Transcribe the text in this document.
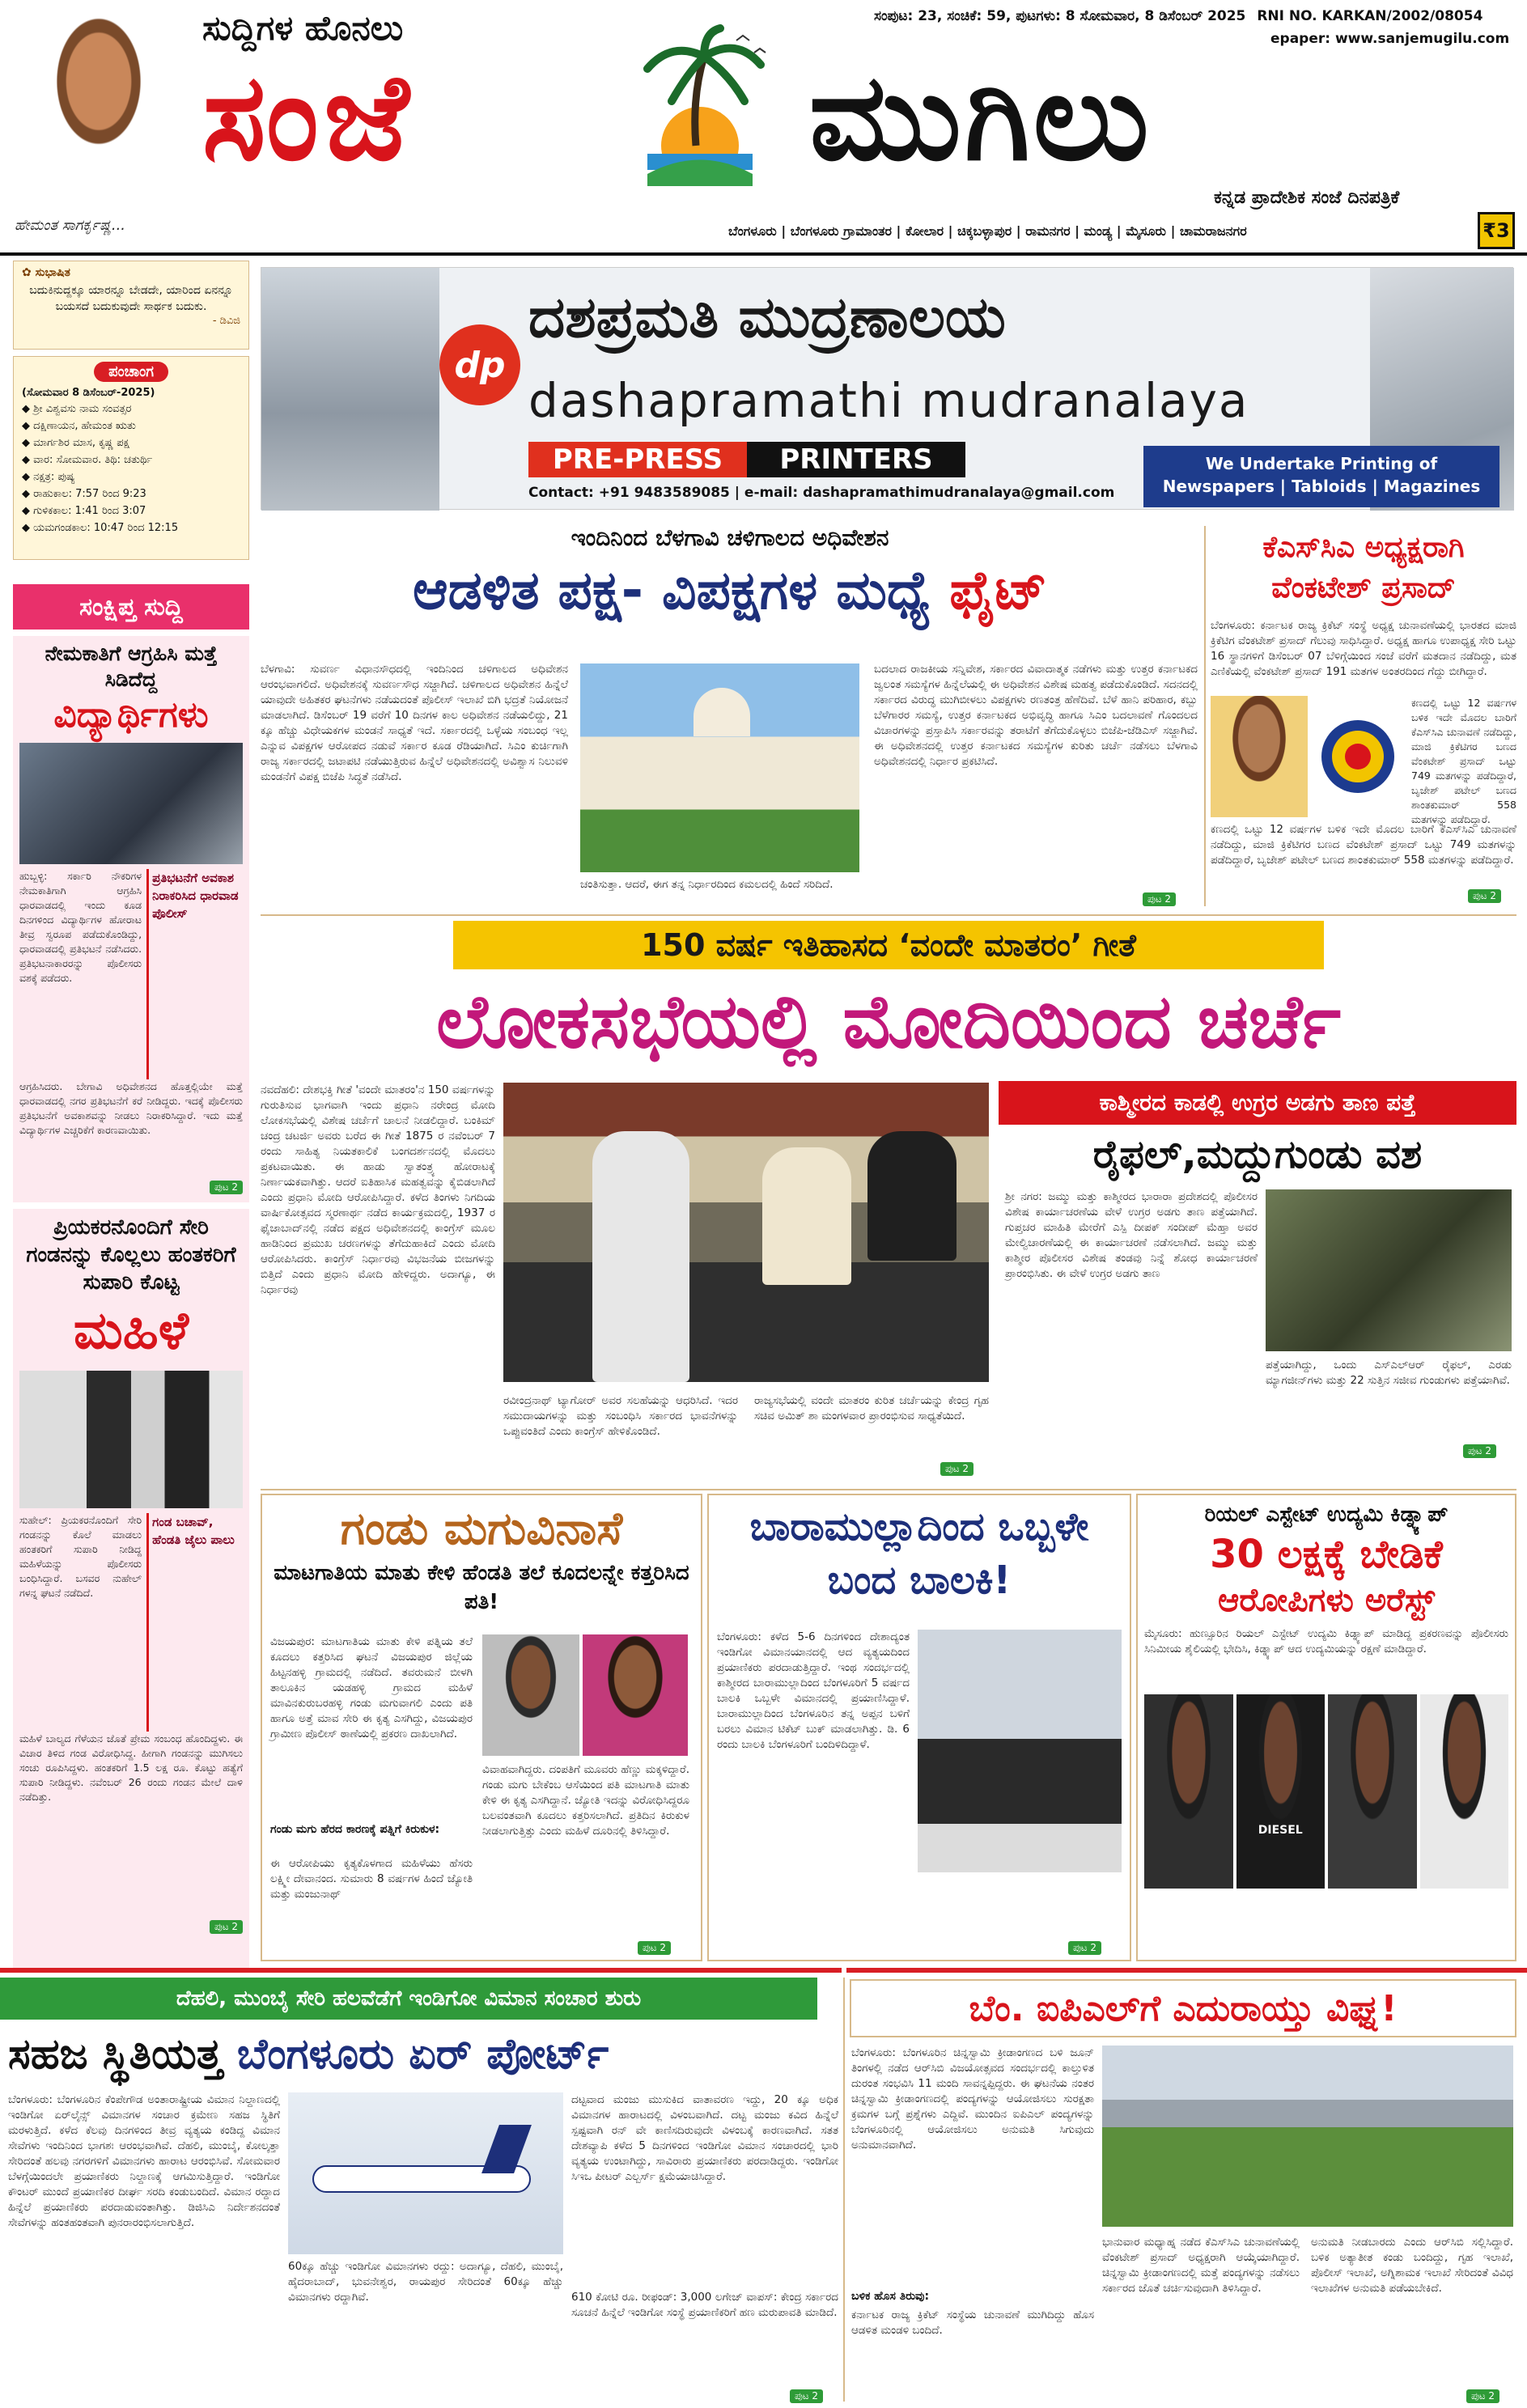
ಹೇಮಂತ ಸಾಗರ್ಕೃಷ್ಣ...
ಸುದ್ದಿಗಳ ಹೊನಲು
ಸಂಜೆ	ಮುಗಿಲು
ಸಂಪುಟ: 23, ಸಂಚಿಕೆ: 59, ಪುಟಗಳು: 8 ಸೋಮವಾರ, 8 ಡಿಸೆಂಬರ್ 2025 RNI NO. KARKAN/2002/08054
epaper: www.sanjemugilu.com
ಕನ್ನಡ ಪ್ರಾದೇಶಿಕ ಸಂಜೆ ದಿನಪತ್ರಿಕೆ
ಬೆಂಗಳೂರು | ಬೆಂಗಳೂರು ಗ್ರಾಮಾಂತರ | ಕೋಲಾರ | ಚಿಕ್ಕಬಳ್ಳಾಪುರ | ರಾಮನಗರ | ಮಂಡ್ಯ | ಮೈಸೂರು | ಚಾಮರಾಜನಗರ	₹3
✿ ಸುಭಾಷಿತ
ಬದುಕಿನುದ್ದಕ್ಕೂ ಯಾರನ್ನೂ ಬೇಡದೇ, ಯಾರಿಂದ ಏನನ್ನೂ ಬಯಸದೆ ಬದುಕುವುದೇ ಸಾರ್ಥಕ ಬದುಕು.
- ಡಿವಿಜಿ
ಪಂಚಾಂಗ
(ಸೋಮವಾರ 8 ಡಿಸೆಂಬರ್-2025)
◆ ಶ್ರೀ ವಿಶ್ವವಸು ನಾಮ ಸಂವತ್ಸರ
◆ ದಕ್ಷಿಣಾಯನ, ಹೇಮಂತ ಋತು
◆ ಮಾರ್ಗಶಿರ ಮಾಸ, ಕೃಷ್ಣ ಪಕ್ಷ
◆ ವಾರ: ಸೋಮವಾರ. ತಿಥಿ: ಚತುರ್ಥಿ
◆ ನಕ್ಷತ್ರ: ಪುಷ್ಯ
◆ ರಾಹುಕಾಲ: 7:57 ರಿಂದ 9:23
◆ ಗುಳಿಕಕಾಲ: 1:41 ರಿಂದ 3:07
◆ ಯಮಗಂಡಕಾಲ: 10:47 ರಿಂದ 12:15
ಸಂಕ್ಷಿಪ್ತ ಸುದ್ದಿ
ನೇಮಕಾತಿಗೆ ಆಗ್ರಹಿಸಿ ಮತ್ತೆ ಸಿಡಿದೆದ್ದ
ವಿದ್ಯಾರ್ಥಿಗಳು
ಹುಬ್ಬಳ್ಳಿ: ಸರ್ಕಾರಿ ನೌಕರಿಗಳ ನೇಮಕಾತಿಗಾಗಿ ಆಗ್ರಹಿಸಿ ಧಾರವಾಡದಲ್ಲಿ ಇಂದು ಕೂಡ ದಿನಗಳಿಂದ ವಿದ್ಯಾರ್ಥಿಗಳ ಹೋರಾಟ ತೀವ್ರ ಸ್ವರೂಪ ಪಡೆದುಕೊಂಡಿದ್ದು, ಧಾರವಾಡದಲ್ಲಿ ಪ್ರತಿಭಟನೆ ನಡೆಸಿದರು. ಪ್ರತಿಭಟನಾಕಾರರನ್ನು ಪೊಲೀಸರು ವಶಕ್ಕೆ ಪಡೆದರು.
ಪ್ರತಿಭಟನೆಗೆ ಅವಕಾಶ ನಿರಾಕರಿಸಿದ ಧಾರವಾಡ ಪೊಲೀಸ್
ಆಗ್ರಹಿಸಿದರು. ಬೇಗಾವಿ ಅಧಿವೇಶನದ ಹೊತ್ತಲ್ಲಿಯೇ ಮತ್ತೆ ಧಾರವಾಡದಲ್ಲಿ ನಗರ ಪ್ರತಿಭಟನೆಗೆ ಕರೆ ನೀಡಿದ್ದರು. ಇದಕ್ಕೆ ಪೊಲೀಸರು ಪ್ರತಿಭಟನೆಗೆ ಅವಕಾಶವನ್ನು ನೀಡಲು ನಿರಾಕರಿಸಿದ್ದಾರೆ. ಇದು ಮತ್ತೆ ವಿದ್ಯಾರ್ಥಿಗಳ ಎಚ್ಚರಿಕೆಗೆ ಕಾರಣವಾಯಿತು.
ಪುಟ 2
ಪ್ರಿಯಕರನೊಂದಿಗೆ ಸೇರಿ ಗಂಡನನ್ನು ಕೊಲ್ಲಲು ಹಂತಕರಿಗೆ ಸುಪಾರಿ ಕೊಟ್ಟ
ಮಹಿಳೆ
ಸುಹೇಲ್: ಪ್ರಿಯಕರನೊಂದಿಗೆ ಸೇರಿ ಗಂಡನನ್ನು ಕೊಲೆ ಮಾಡಲು ಹಂತಕರಿಗೆ ಸುಪಾರಿ ನೀಡಿದ್ದ ಮಹಿಳೆಯನ್ನು ಪೊಲೀಸರು ಬಂಧಿಸಿದ್ದಾರೆ. ಬಸವರ ನುಹೇಲ್ ಗಳನ್ನ ಘಟನೆ ನಡೆದಿದೆ.
ಗಂಡ ಬಚಾವ್, ಹೆಂಡತಿ ಜೈಲು ಪಾಲು
ಮಹಿಳೆ ಬಾಲ್ಯದ ಗೆಳೆಯನ ಜೊತೆ ಪ್ರೇಮ ಸಂಬಂಧ ಹೊಂದಿದ್ದಳು. ಈ ವಿಚಾರ ತಿಳಿದ ಗಂಡ ವಿರೋಧಿಸಿದ್ದ. ಹೀಗಾಗಿ ಗಂಡನನ್ನು ಮುಗಿಸಲು ಸಂಚು ರೂಪಿಸಿದ್ದಳು. ಹಂತಕರಿಗೆ 1.5 ಲಕ್ಷ ರೂ. ಕೊಟ್ಟು ಹತ್ಯೆಗೆ ಸುಪಾರಿ ನೀಡಿದ್ದಳು. ನವೆಂಬರ್ 26 ರಂದು ಗಂಡನ ಮೇಲೆ ದಾಳಿ ನಡೆದಿತ್ತು.
ಪುಟ 2
dp
ದಶಪ್ರಮತಿ ಮುದ್ರಣಾಲಯ
dashapramathi mudranalaya
PRE-PRESS PRINTERS
Contact: +91 9483589085 | e-mail: dashapramathimudranalaya@gmail.com
We Undertake Printing of Newspapers | Tabloids | Magazines
ಇಂದಿನಿಂದ ಬೆಳಗಾವಿ ಚಳಿಗಾಲದ ಅಧಿವೇಶನ
ಆಡಳಿತ ಪಕ್ಷ- ವಿಪಕ್ಷಗಳ ಮಧ್ಯೆ ಫೈಟ್
ಬೆಳಗಾವಿ: ಸುವರ್ಣ ವಿಧಾನಸೌಧದಲ್ಲಿ ಇಂದಿನಿಂದ ಚಳಿಗಾಲದ ಅಧಿವೇಶನ ಆರಂಭವಾಗಲಿದೆ. ಅಧಿವೇಶನಕ್ಕೆ ಸುವರ್ಣಸೌಧ ಸಜ್ಜಾಗಿದೆ. ಚಳಿಗಾಲದ ಅಧಿವೇಶನ ಹಿನ್ನೆಲೆ ಯಾವುದೇ ಅಹಿತಕರ ಘಟನೆಗಳು ನಡೆಯದಂತೆ ಪೊಲೀಸ್ ಇಲಾಖೆ ಬಿಗಿ ಭದ್ರತೆ ನಿಯೋಜನೆ ಮಾಡಲಾಗಿದೆ. ಡಿಸೆಂಬರ್ 19 ವರೆಗೆ 10 ದಿನಗಳ ಕಾಲ ಅಧಿವೇಶನ ನಡೆಯಲಿದ್ದು, 21 ಕ್ಕೂ ಹೆಚ್ಚು ವಿಧೇಯಕಗಳ ಮಂಡನೆ ಸಾಧ್ಯತೆ ಇದೆ. ಸರ್ಕಾರದಲ್ಲಿ ಒಳ್ಳೆಯ ಸಂಬಂಧ ಇಲ್ಲ ಎನ್ನುವ ವಿಪಕ್ಷಗಳ ಆರೋಪದ ನಡುವೆ ಸರ್ಕಾರ ಕೂಡ ರೆಡಿಯಾಗಿದೆ. ಸಿಎಂ ಕುರ್ಚಿಗಾಗಿ ರಾಜ್ಯ ಸರ್ಕಾರದಲ್ಲಿ ಜಟಾಪಟಿ ನಡೆಯುತ್ತಿರುವ ಹಿನ್ನೆಲೆ ಅಧಿವೇಶನದಲ್ಲಿ ಅವಿಶ್ವಾಸ ನಿಲುವಳಿ ಮಂಡನೆಗೆ ವಿಪಕ್ಷ ಬಿಜೆಪಿ ಸಿದ್ಧತೆ ನಡೆಸಿದೆ.
ಚಂತಿಸುತ್ತಾ. ಆದರೆ, ಈಗ ತನ್ನ ನಿರ್ಧಾರದಿಂದ ಕಮಲದಲ್ಲಿ ಹಿಂದೆ ಸರಿದಿದೆ.
ಬದಲಾದ ರಾಜಕೀಯ ಸನ್ನಿವೇಶ, ಸರ್ಕಾರದ ವಿವಾದಾತ್ಮಕ ನಡೆಗಳು ಮತ್ತು ಉತ್ತರ ಕರ್ನಾಟಕದ ಜ್ವಲಂತ ಸಮಸ್ಯೆಗಳ ಹಿನ್ನೆಲೆಯಲ್ಲಿ ಈ ಅಧಿವೇಶನ ವಿಶೇಷ ಮಹತ್ವ ಪಡೆದುಕೊಂಡಿದೆ. ಸದನದಲ್ಲಿ ಸರ್ಕಾರದ ವಿರುದ್ಧ ಮುಗಿಬೀಳಲು ವಿಪಕ್ಷಗಳು ರಣತಂತ್ರ ಹೆಣೆದಿವೆ. ಬೆಳೆ ಹಾನಿ ಪರಿಹಾರ, ಕಬ್ಬು ಬೆಳೆಗಾರರ ಸಮಸ್ಯೆ, ಉತ್ತರ ಕರ್ನಾಟಕದ ಅಭಿವೃದ್ಧಿ ಹಾಗೂ ಸಿಎಂ ಬದಲಾವಣೆ ಗೊಂದಲದ ವಿಚಾರಗಳನ್ನು ಪ್ರಸ್ತಾಪಿಸಿ ಸರ್ಕಾರವನ್ನು ತರಾಟೆಗೆ ತೆಗೆದುಕೊಳ್ಳಲು ಬಿಜೆಪಿ-ಜೆಡಿಎಸ್ ಸಜ್ಜಾಗಿವೆ. ಈ ಅಧಿವೇಶನದಲ್ಲಿ ಉತ್ತರ ಕರ್ನಾಟಕದ ಸಮಸ್ಯೆಗಳ ಕುರಿತು ಚರ್ಚೆ ನಡೆಸಲು ಬೆಳಗಾವಿ ಅಧಿವೇಶನದಲ್ಲಿ ನಿರ್ಧಾರ ಪ್ರಕಟಿಸಿದೆ.
ಪುಟ 2
ಕೆಎಸ್‌ಸಿಎ ಅಧ್ಯಕ್ಷರಾಗಿ ವೆಂಕಟೇಶ್ ಪ್ರಸಾದ್
ಬೆಂಗಳೂರು: ಕರ್ನಾಟಕ ರಾಜ್ಯ ಕ್ರಿಕೆಟ್ ಸಂಸ್ಥೆ ಅಧ್ಯಕ್ಷ ಚುನಾವಣೆಯಲ್ಲಿ ಭಾರತದ ಮಾಜಿ ಕ್ರಿಕೆಟಿಗ ವೆಂಕಟೇಶ್ ಪ್ರಸಾದ್ ಗೆಲುವು ಸಾಧಿಸಿದ್ದಾರೆ. ಅಧ್ಯಕ್ಷ ಹಾಗೂ ಉಪಾಧ್ಯಕ್ಷ ಸೇರಿ ಒಟ್ಟು 16 ಸ್ಥಾನಗಳಿಗೆ ಡಿಸೆಂಬರ್ 07 ಬೆಳಿಗ್ಗೆಯಿಂದ ಸಂಜೆ ವರೆಗೆ ಮತದಾನ ನಡೆದಿದ್ದು, ಮತ ಎಣಿಕೆಯಲ್ಲಿ ವೆಂಕಟೇಶ್ ಪ್ರಸಾದ್ 191 ಮತಗಳ ಅಂತರದಿಂದ ಗೆದ್ದು ಬೀಗಿದ್ದಾರೆ.
ಕಣದಲ್ಲಿ ಒಟ್ಟು 12 ವರ್ಷಗಳ ಬಳಿಕ ಇದೇ ಮೊದಲ ಬಾರಿಗೆ ಕೆಎಸ್‌ಸಿಎ ಚುನಾವಣೆ ನಡೆದಿದ್ದು, ಮಾಜಿ ಕ್ರಿಕೆಟಿಗರ ಬಣದ ವೆಂಕಟೇಶ್ ಪ್ರಸಾದ್ ಒಟ್ಟು 749 ಮತಗಳನ್ನು ಪಡೆದಿದ್ದಾರೆ, ಬೃಜೇಶ್ ಪಟೇಲ್ ಬಣದ ಶಾಂತಕುಮಾರ್ 558 ಮತಗಳನ್ನು ಪಡೆದಿದ್ದಾರೆ.
ಕಣದಲ್ಲಿ ಒಟ್ಟು 12 ವರ್ಷಗಳ ಬಳಿಕ ಇದೇ ಮೊದಲ ಬಾರಿಗೆ ಕೆಎಸ್‌ಸಿಎ ಚುನಾವಣೆ ನಡೆದಿದ್ದು, ಮಾಜಿ ಕ್ರಿಕೆಟಿಗರ ಬಣದ ವೆಂಕಟೇಶ್ ಪ್ರಸಾದ್ ಒಟ್ಟು 749 ಮತಗಳನ್ನು ಪಡೆದಿದ್ದಾರೆ, ಬೃಜೇಶ್ ಪಟೇಲ್ ಬಣದ ಶಾಂತಕುಮಾರ್ 558 ಮತಗಳನ್ನು ಪಡೆದಿದ್ದಾರೆ.
ಪುಟ 2
150 ವರ್ಷ ಇತಿಹಾಸದ ‘ವಂದೇ ಮಾತರಂ’ ಗೀತೆ
ಲೋಕಸಭೆಯಲ್ಲಿ ಮೋದಿಯಿಂದ ಚರ್ಚೆ
ನವದೆಹಲಿ: ದೇಶಭಕ್ತಿ ಗೀತೆ 'ವಂದೇ ಮಾತರಂ'ನ 150 ವರ್ಷಗಳನ್ನು ಗುರುತಿಸುವ ಭಾಗವಾಗಿ ಇಂದು ಪ್ರಧಾನಿ ನರೇಂದ್ರ ಮೋದಿ ಲೋಕಸಭೆಯಲ್ಲಿ ವಿಶೇಷ ಚರ್ಚೆಗೆ ಚಾಲನೆ ನೀಡಲಿದ್ದಾರೆ. ಬಂಕಿಮ್ ಚಂದ್ರ ಚಟರ್ಜಿ ಅವರು ಬರೆದ ಈ ಗೀತೆ 1875 ರ ನವೆಂಬರ್ 7 ರಂದು ಸಾಹಿತ್ಯ ನಿಯತಕಾಲಿಕೆ ಬಂಗದರ್ಶನದಲ್ಲಿ ಮೊದಲು ಪ್ರಕಟವಾಯಿತು. ಈ ಹಾಡು ಸ್ವಾತಂತ್ರ್ಯ ಹೋರಾಟಕ್ಕೆ ನಿರ್ಣಾಯಕವಾಗಿತ್ತು. ಆದರೆ ಐತಿಹಾಸಿಕ ಮಹತ್ವವನ್ನು ಕೈಬಿಡಲಾಗಿದೆ ಎಂದು ಪ್ರಧಾನಿ ಮೋದಿ ಆರೋಪಿಸಿದ್ದಾರೆ. ಕಳೆದ ತಿಂಗಳು ನಿಗದಿಯ ವಾರ್ಷಿಕೋತ್ಸವದ ಸ್ಮರಣಾರ್ಥ ನಡೆದ ಕಾರ್ಯಕ್ರಮದಲ್ಲಿ, 1937 ರ ಫೈಜಾಬಾದ್‌ನಲ್ಲಿ ನಡೆದ ಪಕ್ಷದ ಅಧಿವೇಶನದಲ್ಲಿ ಕಾಂಗ್ರೆಸ್ ಮೂಲ ಹಾಡಿನಿಂದ ಪ್ರಮುಖ ಚರಣಗಳನ್ನು ತೆಗೆದುಹಾಕಿದೆ ಎಂದು ಮೋದಿ ಆರೋಪಿಸಿದರು. ಕಾಂಗ್ರೆಸ್ ನಿರ್ಧಾರವು ವಿಭಜನೆಯ ಬೀಜಗಳನ್ನು ಬಿತ್ತಿದೆ ಎಂದು ಪ್ರಧಾನಿ ಮೋದಿ ಹೇಳಿದ್ದರು. ಅದಾಗ್ಯೂ, ಈ ನಿರ್ಧಾರವು
ರವೀಂದ್ರನಾಥ್ ಟ್ಯಾಗೋರ್ ಅವರ ಸಲಹೆಯನ್ನು ಆಧರಿಸಿದೆ. ಇದರ ಸಮುದಾಯಗಳನ್ನು ಮತ್ತು ಸಂಬಂಧಿಸಿ ಸರ್ಕಾರದ ಭಾವನೆಗಳನ್ನು ಒಪ್ಪುವಂತಿದೆ ಎಂದು ಕಾಂಗ್ರೆಸ್ ಹೇಳಿಕೊಂಡಿದೆ.
ರಾಜ್ಯಸಭೆಯಲ್ಲಿ ವಂದೇ ಮಾತರಂ ಕುರಿತ ಚರ್ಚೆಯನ್ನು ಕೇಂದ್ರ ಗೃಹ ಸಚಿವ ಅಮಿತ್ ಶಾ ಮಂಗಳವಾರ ಪ್ರಾರಂಭಿಸುವ ಸಾಧ್ಯತೆಯಿದೆ.
ಪುಟ 2
ಕಾಶ್ಮೀರದ ಕಾಡಲ್ಲಿ ಉಗ್ರರ ಅಡಗು ತಾಣ ಪತ್ತೆ
ರೈಫಲ್,ಮದ್ದುಗುಂಡು ವಶ
ಶ್ರೀ ನಗರ: ಜಮ್ಮು ಮತ್ತು ಕಾಶ್ಮೀರದ ಭಾರಾರಾ ಪ್ರದೇಶದಲ್ಲಿ ಪೊಲೀಸರ ವಿಶೇಷ ಕಾರ್ಯಾಚರಣೆಯ ವೇಳೆ ಉಗ್ರರ ಅಡಗು ತಾಣ ಪತ್ತೆಯಾಗಿದೆ. ಗುಪ್ತಚರ ಮಾಹಿತಿ ಮೇರೆಗೆ ಎಸ್ಪಿ ದೀಪಕ್ ಸಂದೀಪ್ ಮೆಹ್ತಾ ಅವರ ಮೇಲ್ವಿಚಾರಣೆಯಲ್ಲಿ ಈ ಕಾರ್ಯಾಚರಣೆ ನಡೆಸಲಾಗಿದೆ. ಜಮ್ಮು ಮತ್ತು ಕಾಶ್ಮೀರ ಪೊಲೀಸರ ವಿಶೇಷ ತಂಡವು ನಿನ್ನೆ ಶೋಧ ಕಾರ್ಯಾಚರಣೆ ಪ್ರಾರಂಭಿಸಿತು. ಈ ವೇಳೆ ಉಗ್ರರ ಅಡಗು ತಾಣ
ಪತ್ತೆಯಾಗಿದ್ದು, ಒಂದು ಎಸ್‌ಎಲ್‌ಆರ್ ರೈಫಲ್, ಎರಡು ಮ್ಯಾಗಜೀನ್‌ಗಳು ಮತ್ತು 22 ಸುತ್ತಿನ ಸಜೀವ ಗುಂಡುಗಳು ಪತ್ತೆಯಾಗಿವೆ.
ಪುಟ 2
ಗಂಡು ಮಗುವಿನಾಸೆ
ಮಾಟಗಾತಿಯ ಮಾತು ಕೇಳಿ ಹೆಂಡತಿ ತಲೆ ಕೂದಲನ್ನೇ ಕತ್ತರಿಸಿದ ಪತಿ!
ವಿಜಯಪುರ: ಮಾಟಗಾತಿಯ ಮಾತು ಕೇಳಿ ಪತ್ನಿಯ ತಲೆ ಕೂದಲು ಕತ್ತರಿಸಿದ ಘಟನೆ ವಿಜಯಪುರ ಜಿಲ್ಲೆಯ ಹಿಟ್ಟನಹಳ್ಳಿ ಗ್ರಾಮದಲ್ಲಿ ನಡೆದಿದೆ. ತವರುಮನೆ ಬೀಳಗಿ ತಾಲೂಕಿನ ಯಡಹಳ್ಳಿ ಗ್ರಾಮದ ಮಹಿಳೆ ಮಾವಿನಕುರುಬರಹಳ್ಳಿ ಗಂಡು ಮಗುವಾಗಲಿ ಎಂದು ಪತಿ ಹಾಗೂ ಅತ್ತೆ ಮಾವ ಸೇರಿ ಈ ಕೃತ್ಯ ಎಸಗಿದ್ದು, ವಿಜಯಪುರ ಗ್ರಾಮೀಣ ಪೊಲೀಸ್ ಠಾಣೆಯಲ್ಲಿ ಪ್ರಕರಣ ದಾಖಲಾಗಿದೆ.
ಗಂಡು ಮಗು ಹೆರದ ಕಾರಣಕ್ಕೆ ಪತ್ನಿಗೆ ಕಿರುಕುಳ:
ಈ ಆರೋಪಿಯು ಕೃತ್ಯಕೊಳಗಾದ ಮಹಿಳೆಯು ಹೆಸರು ಲಕ್ಷ್ಮೀ ದೇವಾನಂದ. ಸುಮಾರು 8 ವರ್ಷಗಳ ಹಿಂದೆ ಜ್ಯೋತಿ ಮತ್ತು ಮಂಜುನಾಥ್
ವಿವಾಹವಾಗಿದ್ದರು. ದಂಪತಿಗೆ ಮೂವರು ಹೆಣ್ಣು ಮಕ್ಕಳಿದ್ದಾರೆ. ಗಂಡು ಮಗು ಬೇಕೆಂಬ ಆಸೆಯಿಂದ ಪತಿ ಮಾಟಗಾತಿ ಮಾತು ಕೇಳಿ ಈ ಕೃತ್ಯ ಎಸಗಿದ್ದಾನೆ. ಜ್ಯೋತಿ ಇದನ್ನು ವಿರೋಧಿಸಿದ್ದರೂ ಬಲವಂತವಾಗಿ ಕೂದಲು ಕತ್ತರಿಸಲಾಗಿದೆ. ಪ್ರತಿದಿನ ಕಿರುಕುಳ ನೀಡಲಾಗುತ್ತಿತ್ತು ಎಂದು ಮಹಿಳೆ ದೂರಿನಲ್ಲಿ ತಿಳಿಸಿದ್ದಾರೆ.
ಪುಟ 2
ಬಾರಾಮುಲ್ಲಾದಿಂದ ಒಬ್ಬಳೇ ಬಂದ ಬಾಲಕಿ!
ಬೆಂಗಳೂರು: ಕಳೆದ 5-6 ದಿನಗಳಿಂದ ದೇಶಾದ್ಯಂತ ಇಂಡಿಗೋ ವಿಮಾನಯಾನದಲ್ಲಿ ಆದ ವ್ಯತ್ಯಯದಿಂದ ಪ್ರಯಾಣಿಕರು ಪರದಾಡುತ್ತಿದ್ದಾರೆ. ಇಂಥ ಸಂದರ್ಭದಲ್ಲಿ ಕಾಶ್ಮೀರದ ಬಾರಾಮುಲ್ಲಾದಿಂದ ಬೆಂಗಳೂರಿಗೆ 5 ವರ್ಷದ ಬಾಲಕಿ ಒಬ್ಬಳೇ ವಿಮಾನದಲ್ಲಿ ಪ್ರಯಾಣಿಸಿದ್ದಾಳೆ. ಬಾರಾಮುಲ್ಲಾದಿಂದ ಬೆಂಗಳೂರಿನ ತನ್ನ ಅಪ್ಪನ ಬಳಿಗೆ ಬರಲು ವಿಮಾನ ಟಿಕೆಟ್ ಬುಕ್ ಮಾಡಲಾಗಿತ್ತು. ಡಿ. 6 ರಂದು ಬಾಲಕಿ ಬೆಂಗಳೂರಿಗೆ ಬಂದಿಳಿದಿದ್ದಾಳೆ.
ಪುಟ 2
ರಿಯಲ್ ಎಸ್ಟೇಟ್ ಉದ್ಯಮಿ ಕಿಡ್ನ್ಯಾಪ್
30 ಲಕ್ಷಕ್ಕೆ ಬೇಡಿಕೆ
ಆರೋಪಿಗಳು ಅರೆಸ್ಟ್
ಮೈಸೂರು: ಹುಣ್ಸೂರಿನ ರಿಯಲ್ ಎಸ್ಟೇಟ್ ಉದ್ಯಮಿ ಕಿಡ್ನ್ಯಾಪ್ ಮಾಡಿದ್ದ ಪ್ರಕರಣವನ್ನು ಪೊಲೀಸರು ಸಿನಿಮೀಯ ಶೈಲಿಯಲ್ಲಿ ಭೇದಿಸಿ, ಕಿಡ್ನ್ಯಾಪ್ ಆದ ಉದ್ಯಮಿಯನ್ನು ರಕ್ಷಣೆ ಮಾಡಿದ್ದಾರೆ.
DIESEL
ದೆಹಲಿ, ಮುಂಬೈ ಸೇರಿ ಹಲವೆಡೆಗೆ ಇಂಡಿಗೋ ವಿಮಾನ ಸಂಚಾರ ಶುರು
ಸಹಜ ಸ್ಥಿತಿಯತ್ತ ಬೆಂಗಳೂರು ಏರ್ ಪೋರ್ಟ್
ಬೆಂಗಳೂರು: ಬೆಂಗಳೂರಿನ ಕೆಂಪೇಗೌಡ ಅಂತಾರಾಷ್ಟ್ರೀಯ ವಿಮಾನ ನಿಲ್ದಾಣದಲ್ಲಿ ಇಂಡಿಗೋ ಏರ್‌ಲೈನ್ಸ್ ವಿಮಾನಗಳ ಸಂಚಾರ ಕ್ರಮೇಣ ಸಹಜ ಸ್ಥಿತಿಗೆ ಮರಳುತ್ತಿದೆ. ಕಳೆದ ಕೆಲವು ದಿನಗಳಿಂದ ತೀವ್ರ ವ್ಯತ್ಯಯ ಕಂಡಿದ್ದ ವಿಮಾನ ಸೇವೆಗಳು ಇಂದಿನಿಂದ ಭಾಗಶಃ ಆರಂಭವಾಗಿವೆ. ದೆಹಲಿ, ಮುಂಬೈ, ಕೋಲ್ಕತ್ತಾ ಸೇರಿದಂತೆ ಹಲವು ನಗರಗಳಿಗೆ ವಿಮಾನಗಳು ಹಾರಾಟ ಆರಂಭಿಸಿವೆ. ಸೋಮವಾರ ಬೆಳಗ್ಗೆಯಿಂದಲೇ ಪ್ರಯಾಣಿಕರು ನಿಲ್ದಾಣಕ್ಕೆ ಆಗಮಿಸುತ್ತಿದ್ದಾರೆ. ಇಂಡಿಗೋ ಕೌಂಟರ್ ಮುಂದೆ ಪ್ರಯಾಣಿಕರ ದೀರ್ಘ ಸರದಿ ಕಂಡುಬಂದಿದೆ. ವಿಮಾನ ರದ್ದಾದ ಹಿನ್ನೆಲೆ ಪ್ರಯಾಣಿಕರು ಪರದಾಡುವಂತಾಗಿತ್ತು. ಡಿಜಿಸಿಎ ನಿರ್ದೇಶನದಂತೆ ಸೇವೆಗಳನ್ನು ಹಂತಹಂತವಾಗಿ ಪುನರಾರಂಭಿಸಲಾಗುತ್ತಿದೆ.
60ಕ್ಕೂ ಹೆಚ್ಚು ಇಂಡಿಗೋ ವಿಮಾನಗಳು ರದ್ದು: ಅದಾಗ್ಯೂ, ದೆಹಲಿ, ಮುಂಬೈ, ಹೈದರಾಬಾದ್, ಭುವನೇಶ್ವರ, ರಾಯಪುರ ಸೇರಿದಂತೆ 60ಕ್ಕೂ ಹೆಚ್ಚು ವಿಮಾನಗಳು ರದ್ದಾಗಿವೆ.
ದಟ್ಟವಾದ ಮಂಜು ಮುಸುಕಿದ ವಾತಾವರಣ ಇದ್ದು, 20 ಕ್ಕೂ ಅಧಿಕ ವಿಮಾನಗಳ ಹಾರಾಟದಲ್ಲಿ ವಿಳಂಬವಾಗಿದೆ. ದಟ್ಟ ಮಂಜು ಕವಿದ ಹಿನ್ನೆಲೆ ಸ್ಪಷ್ಟವಾಗಿ ರನ್ ವೇ ಕಾಣಿಸದಿರುವುದೇ ವಿಳಂಬಕ್ಕೆ ಕಾರಣವಾಗಿದೆ. ಸತತ ದೇಶವ್ಯಾಪಿ ಕಳೆದ 5 ದಿನಗಳಿಂದ ಇಂಡಿಗೋ ವಿಮಾನ ಸಂಚಾರದಲ್ಲಿ ಭಾರಿ ವ್ಯತ್ಯಯ ಉಂಟಾಗಿದ್ದು, ಸಾವಿರಾರು ಪ್ರಯಾಣಿಕರು ಪರದಾಡಿದ್ದರು. ಇಂಡಿಗೋ ಸಿಇಒ ಪೀಟರ್ ಎಲ್ಬರ್ಸ್ ಕ್ಷಮೆಯಾಚಿಸಿದ್ದಾರೆ.
610 ಕೋಟಿ ರೂ. ರೀಫಂಡ್: 3,000 ಲಗೇಜ್ ವಾಪಸ್: ಕೇಂದ್ರ ಸರ್ಕಾರದ ಸೂಚನೆ ಹಿನ್ನೆಲೆ ಇಂಡಿಗೋ ಸಂಸ್ಥೆ ಪ್ರಯಾಣಿಕರಿಗೆ ಹಣ ಮರುಪಾವತಿ ಮಾಡಿದೆ.
ಪುಟ 2
ಬೆಂ. ಐಪಿಎಲ್‌ಗೆ ಎದುರಾಯ್ತು ವಿಘ್ನ!
ಬೆಂಗಳೂರು: ಬೆಂಗಳೂರಿನ ಚಿನ್ನಸ್ವಾಮಿ ಕ್ರೀಡಾಂಗಣದ ಬಳಿ ಜೂನ್ ತಿಂಗಳಲ್ಲಿ ನಡೆದ ಆರ್‌ಸಿಬಿ ವಿಜಯೋತ್ಸವದ ಸಂದರ್ಭದಲ್ಲಿ ಕಾಲ್ತುಳಿತ ದುರಂತ ಸಂಭವಿಸಿ 11 ಮಂದಿ ಸಾವನ್ನಪ್ಪಿದ್ದರು. ಈ ಘಟನೆಯ ನಂತರ ಚಿನ್ನಸ್ವಾಮಿ ಕ್ರೀಡಾಂಗಣದಲ್ಲಿ ಪಂದ್ಯಗಳನ್ನು ಆಯೋಜಿಸಲು ಸುರಕ್ಷತಾ ಕ್ರಮಗಳ ಬಗ್ಗೆ ಪ್ರಶ್ನೆಗಳು ಎದ್ದಿವೆ. ಮುಂದಿನ ಐಪಿಎಲ್ ಪಂದ್ಯಗಳನ್ನು ಬೆಂಗಳೂರಿನಲ್ಲಿ ಆಯೋಜಿಸಲು ಅನುಮತಿ ಸಿಗುವುದು ಅನುಮಾನವಾಗಿದೆ.
ಬಳಿಕ ಹೊಸ ತಿರುವು:
ಕರ್ನಾಟಕ ರಾಜ್ಯ ಕ್ರಿಕೆಟ್ ಸಂಸ್ಥೆಯ ಚುನಾವಣೆ ಮುಗಿದಿದ್ದು ಹೊಸ ಆಡಳಿತ ಮಂಡಳಿ ಬಂದಿದೆ.
ಭಾನುವಾರ ಮಧ್ಯಾಹ್ನ ನಡೆದ ಕೆಎಸ್‌ಸಿಎ ಚುನಾವಣೆಯಲ್ಲಿ ವೆಂಕಟೇಶ್ ಪ್ರಸಾದ್ ಅಧ್ಯಕ್ಷರಾಗಿ ಆಯ್ಕೆಯಾಗಿದ್ದಾರೆ. ಚಿನ್ನಸ್ವಾಮಿ ಕ್ರೀಡಾಂಗಣದಲ್ಲಿ ಮತ್ತೆ ಪಂದ್ಯಗಳನ್ನು ನಡೆಸಲು ಸರ್ಕಾರದ ಜೊತೆ ಚರ್ಚಿಸುವುದಾಗಿ ತಿಳಿಸಿದ್ದಾರೆ.
ಅನುಮತಿ ನೀಡಬಾರದು ಎಂದು ಆರ್‌ಸಿಬಿ ಸಲ್ಲಿಸಿದ್ದಾರೆ. ಬಳಿಕ ಅತ್ಯಾತೀತ ಕಂಡು ಬಂದಿದ್ದು, ಗೃಹ ಇಲಾಖೆ, ಪೊಲೀಸ್ ಇಲಾಖೆ, ಅಗ್ನಿಶಾಮಕ ಇಲಾಖೆ ಸೇರಿದಂತೆ ವಿವಿಧ ಇಲಾಖೆಗಳ ಅನುಮತಿ ಪಡೆಯಬೇಕಿದೆ.
ಪುಟ 2
